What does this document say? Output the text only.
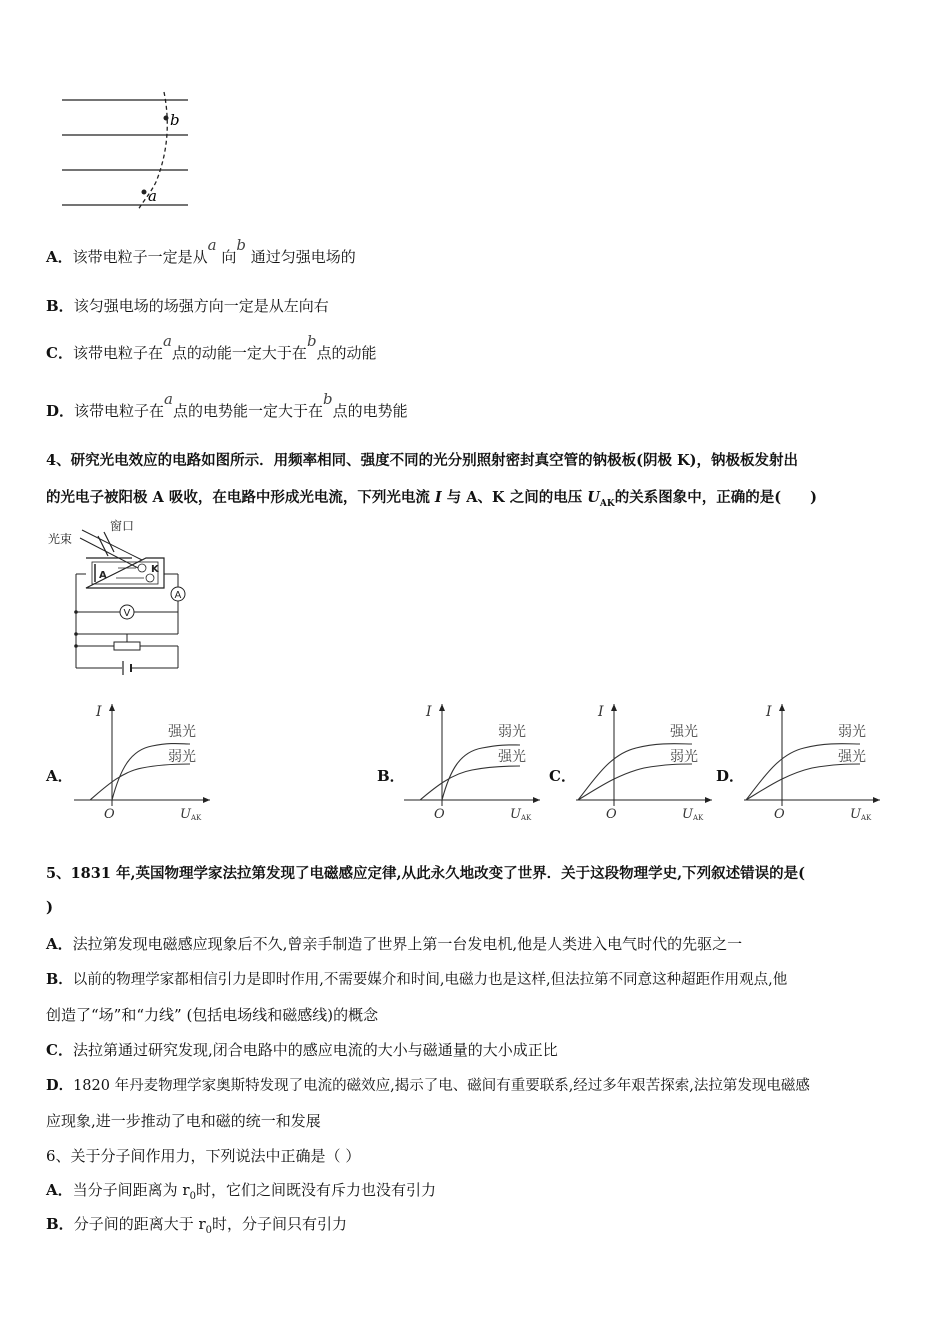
b
a
A．该带电粒子一定是从a 向b 通过匀强电场的
B．该匀强电场的场强方向一定是从左向右
C．该带电粒子在a点的动能一定大于在b点的动能
D．该带电粒子在a点的电势能一定大于在b点的电势能
4、研究光电效应的电路如图所示．用频率相同、强度不同的光分别照射密封真空管的钠极板(阴极 K)，钠极板发射出
的光电子被阳极 A 吸收，在电路中形成光电流，下列光电流 I 与 A、K 之间的电压 $U_{AK}$的关系图象中，正确的是(　　)
光束
窗口
A
K
A
V
A．
I
O	U AK
强光
弱光
B．
I
O	U AK
弱光
强光
C．
I
O	U AK
强光
弱光
D．
I
O	U AK
弱光
强光
5、1831 年,英国物理学家法拉第发现了电磁感应定律,从此永久地改变了世界．关于这段物理学史,下列叙述错误的是(
)
A．法拉第发现电磁感应现象后不久,曾亲手制造了世界上第一台发电机,他是人类进入电气时代的先驱之一
B．以前的物理学家都相信引力是即时作用,不需要媒介和时间,电磁力也是这样,但法拉第不同意这种超距作用观点,他
创造了“场”和“力线” (包括电场线和磁感线)的概念
C．法拉第通过研究发现,闭合电路中的感应电流的大小与磁通量的大小成正比
D．1820 年丹麦物理学家奥斯特发现了电流的磁效应,揭示了电、磁间有重要联系,经过多年艰苦探索,法拉第发现电磁感
应现象,进一步推动了电和磁的统一和发展
6、关于分子间作用力，下列说法中正确是（ ）
A．当分子间距离为 $r_0$时，它们之间既没有斥力也没有引力
B．分子间的距离大于 $r_0$时，分子间只有引力
